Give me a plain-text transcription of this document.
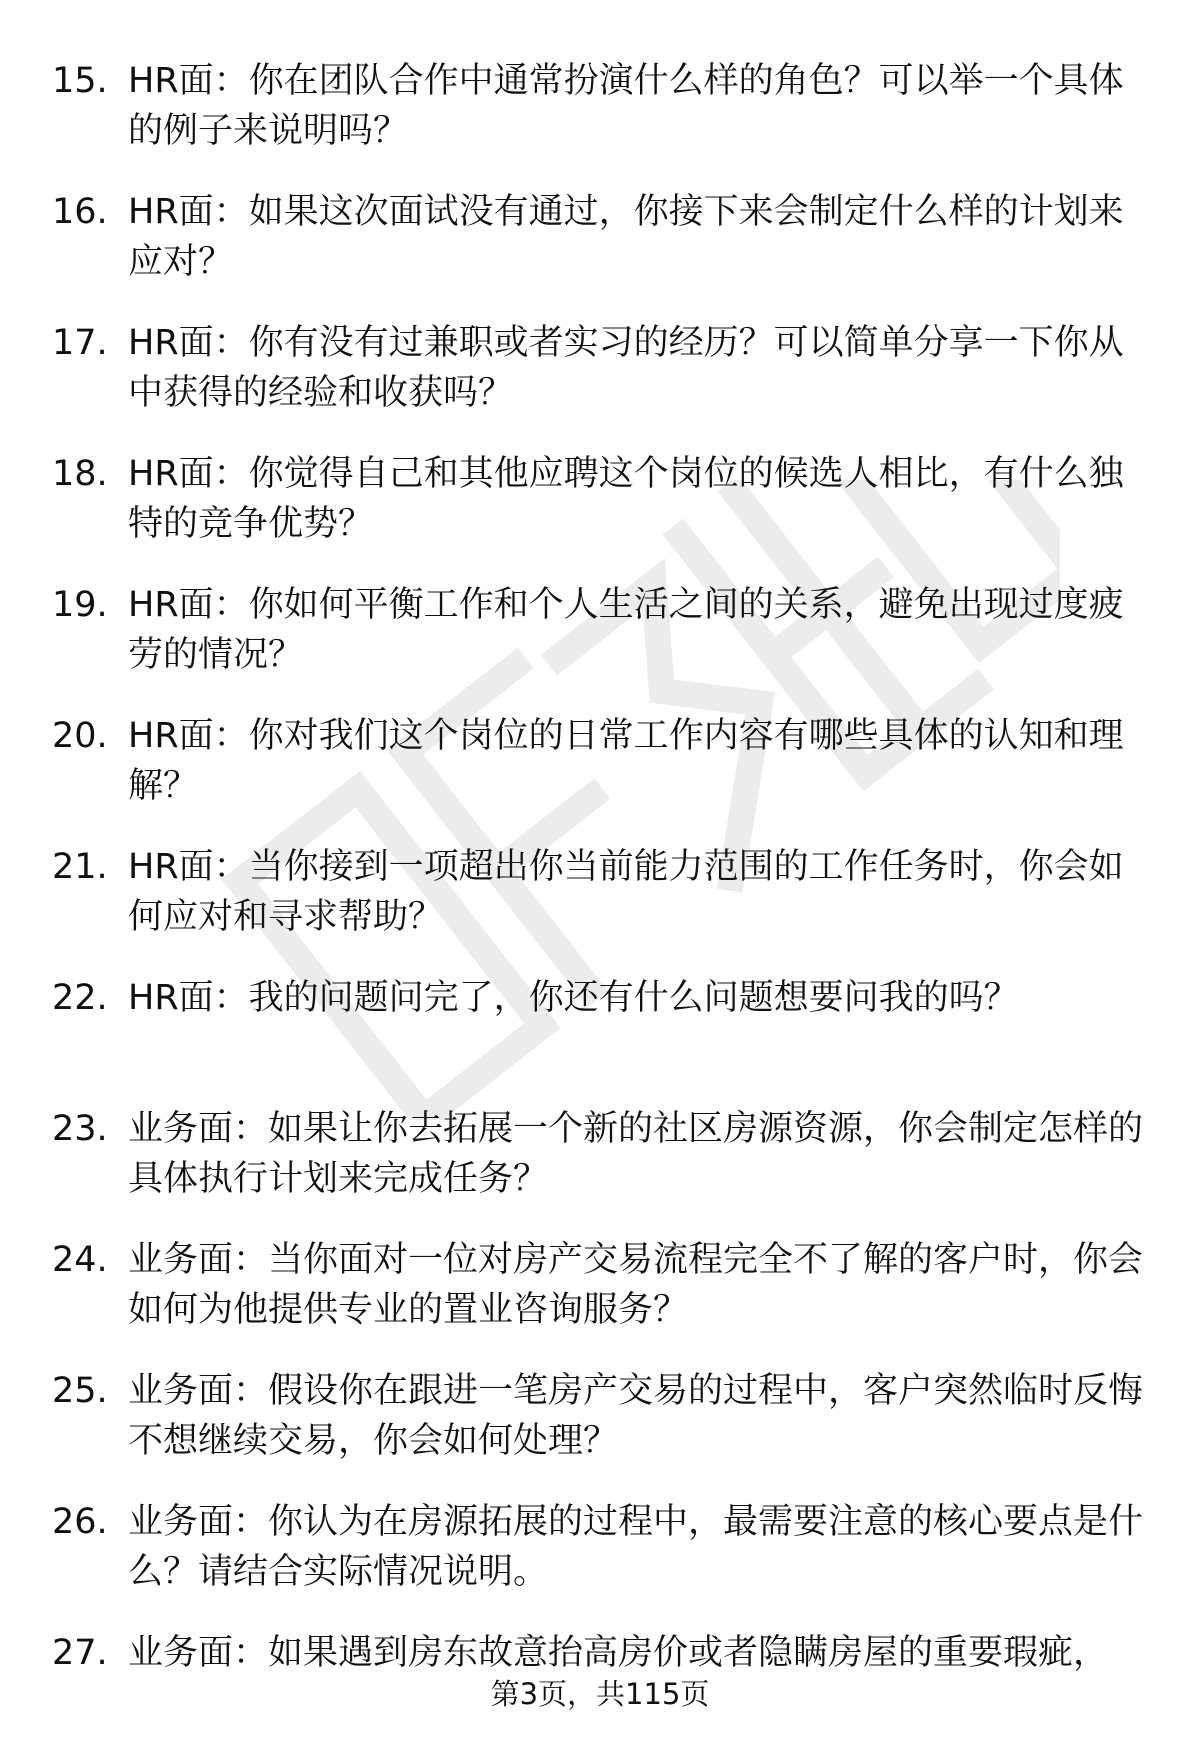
15. HR面：你在团队合作中通常扮演什么样的角色？可以举一个具体的例子来说明吗？
16. HR面：如果这次面试没有通过，你接下来会制定什么样的计划来应对？
17. HR面：你有没有过兼职或者实习的经历？可以简单分享一下你从中获得的经验和收获吗？
18. HR面：你觉得自己和其他应聘这个岗位的候选人相比，有什么独特的竞争优势？
19. HR面：你如何平衡工作和个人生活之间的关系，避免出现过度疲劳的情况？
20. HR面：你对我们这个岗位的日常工作内容有哪些具体的认知和理解？
21. HR面：当你接到一项超出你当前能力范围的工作任务时，你会如何应对和寻求帮助？
22. HR面：我的问题问完了，你还有什么问题想要问我的吗？
23. 业务面：如果让你去拓展一个新的社区房源资源，你会制定怎样的具体执行计划来完成任务？
24. 业务面：当你面对一位对房产交易流程完全不了解的客户时，你会如何为他提供专业的置业咨询服务？
25. 业务面：假设你在跟进一笔房产交易的过程中，客户突然临时反悔不想继续交易，你会如何处理？
26. 业务面：你认为在房源拓展的过程中，最需要注意的核心要点是什么？请结合实际情况说明。
27. 业务面：如果遇到房东故意抬高房价或者隐瞒房屋的重要瑕疵，
第3页，共115页
